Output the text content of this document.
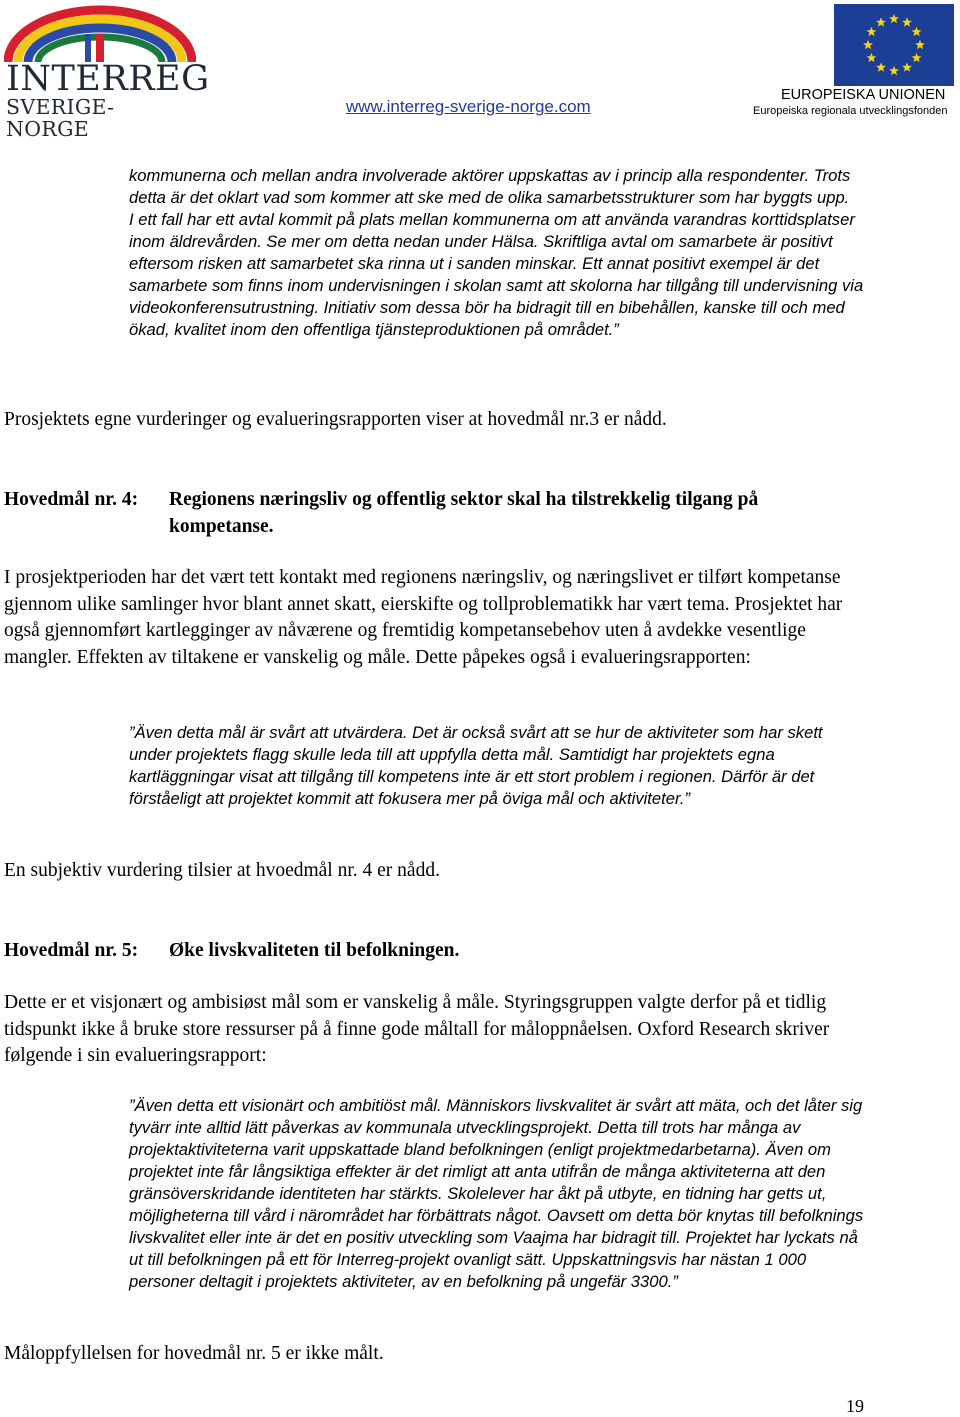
INTERREG
SVERIGE-NORGE
www.interreg-sverige-norge.com
EUROPEISKA UNIONEN
Europeiska regionala utvecklingsfonden

kommunerna och mellan andra involverade aktörer uppskattas av i princip alla respondenter. Trots detta är det oklart vad som kommer att ske med de olika samarbetsstrukturer som har byggts upp.
I ett fall har ett avtal kommit på plats mellan kommunerna om att använda varandras korttidsplatser inom äldrevården. Se mer om detta nedan under Hälsa. Skriftliga avtal om samarbete är positivt eftersom risken att samarbetet ska rinna ut i sanden minskar. Ett annat positivt exempel är det samarbete som finns inom undervisningen i skolan samt att skolorna har tillgång till undervisning via videokonferensutrustning. Initiativ som dessa bör ha bidragit till en bibehållen, kanske till och med ökad, kvalitet inom den offentliga tjänsteproduktionen på området.”

Prosjektets egne vurderinger og evalueringsrapporten viser at hovedmål nr.3 er nådd.

Hovedmål nr. 4: Regionens næringsliv og offentlig sektor skal ha tilstrekkelig tilgang på
kompetanse.

I prosjektperioden har det vært tett kontakt med regionens næringsliv, og næringslivet er tilført kompetanse gjennom ulike samlinger hvor blant annet skatt, eierskifte og tollproblematikk har vært tema. Prosjektet har også gjennomført kartlegginger av nåværene og fremtidig kompetansebehov uten å avdekke vesentlige mangler. Effekten av tiltakene er vanskelig og måle. Dette påpekes også i evalueringsrapporten:

”Även detta mål är svårt att utvärdera. Det är också svårt att se hur de aktiviteter som har skett under projektets flagg skulle leda till att uppfylla detta mål. Samtidigt har projektets egna kartläggningar visat att tillgång till kompetens inte är ett stort problem i regionen. Därför är det förståeligt att projektet kommit att fokusera mer på öviga mål och aktiviteter.”

En subjektiv vurdering tilsier at hvoedmål nr. 4 er nådd.

Hovedmål nr. 5: Øke livskvaliteten til befolkningen.

Dette er et visjonært og ambisiøst mål som er vanskelig å måle. Styringsgruppen valgte derfor på et tidlig tidspunkt ikke å bruke store ressurser på å finne gode måltall for måloppnåelsen. Oxford Research skriver følgende i sin evalueringsrapport:

”Även detta ett visionärt och ambitiöst mål. Människors livskvalitet är svårt att mäta, och det låter sig tyvärr inte alltid lätt påverkas av kommunala utvecklingsprojekt. Detta till trots har många av projektaktiviteterna varit uppskattade bland befolkningen (enligt projektmedarbetarna). Även om projektet inte får långsiktiga effekter är det rimligt att anta utifrån de många aktiviteterna att den gränsöverskridande identiteten har stärkts. Skolelever har åkt på utbyte, en tidning har getts ut, möjligheterna till vård i närområdet har förbättrats något. Oavsett om detta bör knytas till befolknings livskvalitet eller inte är det en positiv utveckling som Vaajma har bidragit till. Projektet har lyckats nå ut till befolkningen på ett för Interreg-projekt ovanligt sätt. Uppskattningsvis har nästan 1 000 personer deltagit i projektets aktiviteter, av en befolkning på ungefär 3300.”

Måloppfyllelsen for hovedmål nr. 5 er ikke målt.

19
